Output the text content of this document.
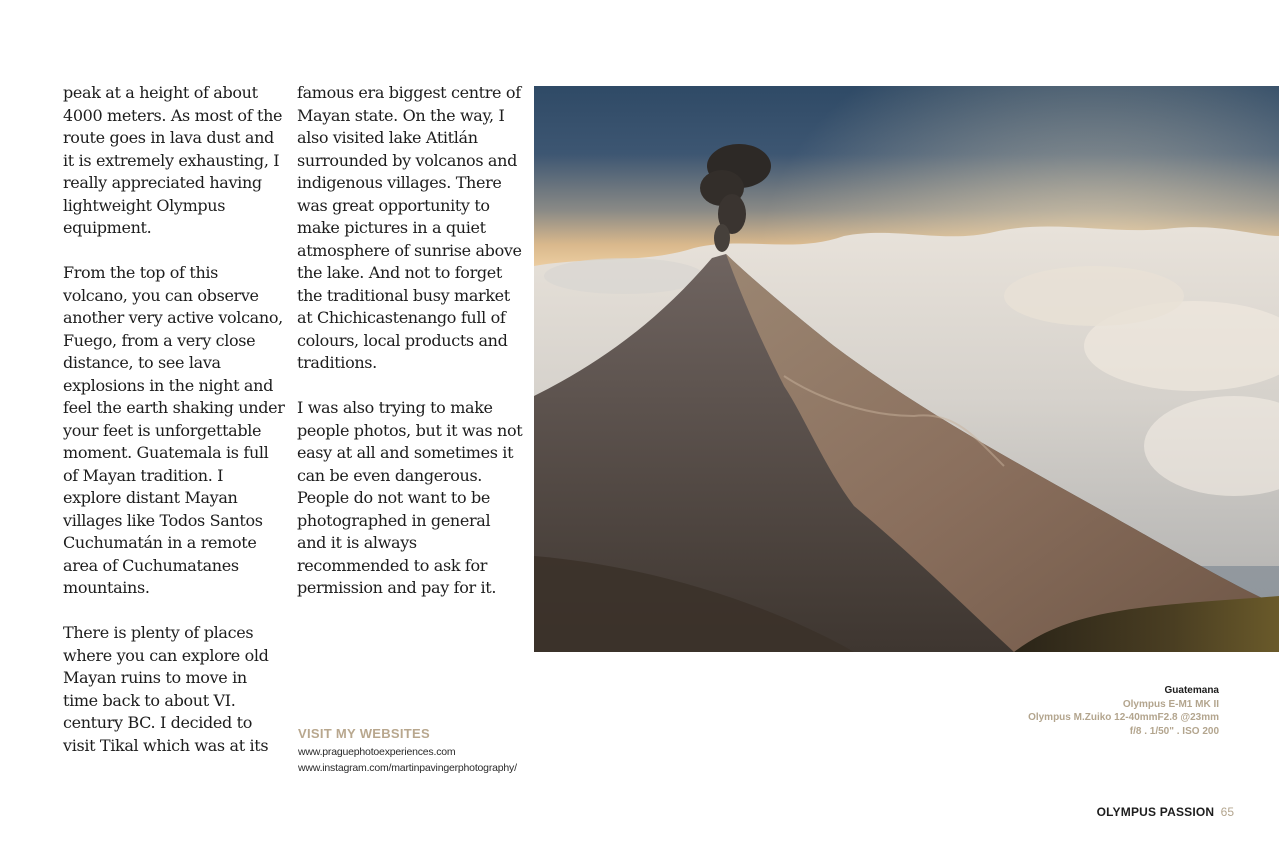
peak at a height of about 4000 meters. As most of the route goes in lava dust and it is extremely exhausting, I really appreciated having lightweight Olympus equipment.

From the top of this volcano, you can observe another very active volcano, Fuego, from a very close distance, to see lava explosions in the night and feel the earth shaking under your feet is unforgettable moment. Guatemala is full of Mayan tradition. I explore distant Mayan villages like Todos Santos Cuchumatán in a remote area of Cuchumatanes mountains.

There is plenty of places where you can explore old Mayan ruins to move in time back to about VI. century BC. I decided to visit Tikal which was at its

famous era biggest centre of Mayan state. On the way, I also visited lake Atitlán surrounded by volcanos and indigenous villages. There was great opportunity to make pictures in a quiet atmosphere of sunrise above the lake. And not to forget the traditional busy market at Chichicastenango full of colours, local products and traditions.

I was also trying to make people photos, but it was not easy at all and sometimes it can be even dangerous. People do not want to be photographed in general and it is always recommended to ask for permission and pay for it.

VISIT MY WEBSITES
www.praguephotoexperiences.com
www.instagram.com/martinpavingerphotography/
Guatemana
Olympus E-M1 MK II
Olympus M.Zuiko 12-40mmF2.8 @23mm
f/8 . 1/50" . ISO 200
OLYMPUS PASSION 65
